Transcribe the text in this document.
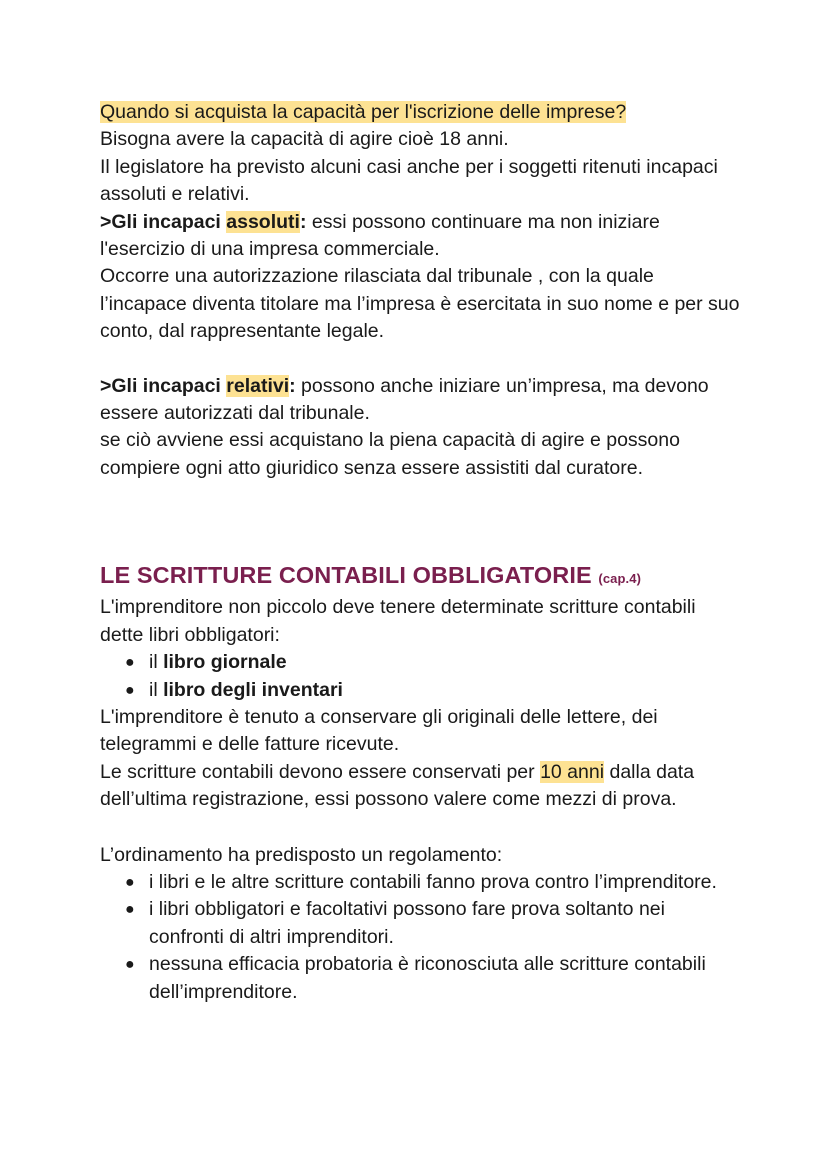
Quando si acquista la capacità per l'iscrizione delle imprese?

Bisogna avere la capacità di agire cioè 18 anni.

Il legislatore ha previsto alcuni casi anche per i soggetti ritenuti incapaci assoluti e relativi.

>Gli incapaci assoluti: essi possono continuare ma non iniziare l'esercizio di una impresa commerciale.

Occorre una autorizzazione rilasciata dal tribunale , con la quale l’incapace diventa titolare ma l’impresa è esercitata in suo nome e per suo conto, dal rappresentante legale.

>Gli incapaci relativi: possono anche iniziare un’impresa, ma devono essere autorizzati dal tribunale.

se ciò avviene essi acquistano la piena capacità di agire e possono compiere ogni atto giuridico senza essere assistiti dal curatore.

LE SCRITTURE CONTABILI OBBLIGATORIE (cap.4)

L'imprenditore non piccolo deve tenere determinate scritture contabili dette libri obbligatori:

● il libro giornale
● il libro degli inventari

L'imprenditore è tenuto a conservare gli originali delle lettere, dei telegrammi e delle fatture ricevute.

Le scritture contabili devono essere conservati per 10 anni dalla data dell’ultima registrazione, essi possono valere come mezzi di prova.

L’ordinamento ha predisposto un regolamento:

● i libri e le altre scritture contabili fanno prova contro l’imprenditore.
● i libri obbligatori e facoltativi possono fare prova soltanto nei confronti di altri imprenditori.
● nessuna efficacia probatoria è riconosciuta alle scritture contabili dell’imprenditore.
